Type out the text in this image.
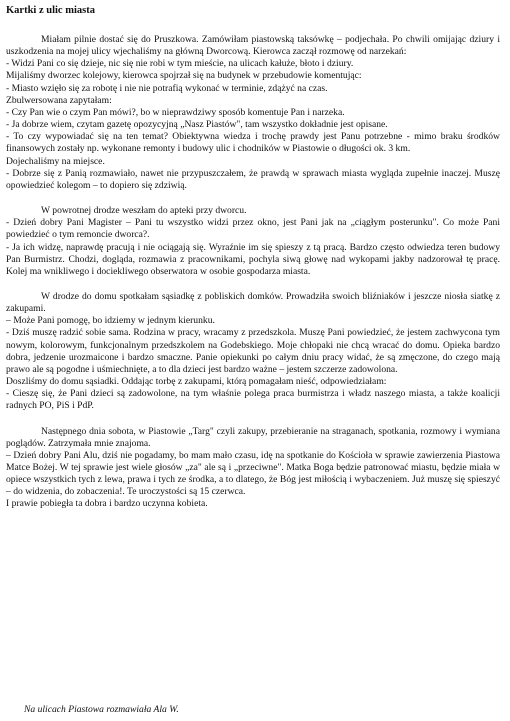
Kartki z ulic miasta

Miałam pilnie dostać się do Pruszkowa. Zamówiłam piastowską taksówkę – podjechała. Po chwili omijając dziury i uszkodzenia na mojej ulicy wjechaliśmy na główną Dworcową. Kierowca zaczął rozmowę od narzekań:

- Widzi Pani co się dzieje, nic się nie robi w tym mieście, na ulicach kałuże, błoto i dziury.

Mijaliśmy dworzec kolejowy, kierowca spojrzał się na budynek w przebudowie komentując:

- Miasto wzięło się za robotę i nie nie potrafią wykonać w terminie, zdążyć na czas.

Zbulwersowana zapytałam:

- Czy Pan wie o czym Pan mówi?, bo w nieprawdziwy sposób komentuje Pan i narzeka.

- Ja dobrze wiem, czytam gazetę opozycyjną „Nasz Piastów", tam wszystko dokładnie jest opisane.

- To czy wypowiadać się na ten temat? Obiektywna wiedza i trochę prawdy jest Panu potrzebne - mimo braku środków finansowych zostały np. wykonane remonty i budowy ulic i chodników w Piastowie o długości ok. 3 km.

Dojechaliśmy na miejsce.

- Dobrze się z Panią rozmawiało, nawet nie przypuszczałem, że prawdą w sprawach miasta wygląda zupełnie inaczej. Muszę opowiedzieć kolegom – to dopiero się zdziwią.

W powrotnej drodze weszłam do apteki przy dworcu.

- Dzień dobry Pani Magister – Pani tu wszystko widzi przez okno, jest Pani jak na „ciągłym posterunku". Co może Pani powiedzieć o tym remoncie dworca?.

- Ja ich widzę, naprawdę pracują i nie ociągają się. Wyraźnie im się spieszy z tą pracą. Bardzo często odwiedza teren budowy Pan Burmistrz. Chodzi, dogląda, rozmawia z pracownikami, pochyla siwą głowę nad wykopami jakby nadzorował tę pracę. Kolej ma wnikliwego i dociekliwego obserwatora w osobie gospodarza miasta.

W drodze do domu spotkałam sąsiadkę z pobliskich domków. Prowadziła swoich bliźniaków i jeszcze niosła siatkę z zakupami.

– Może Pani pomogę, bo idziemy w jednym kierunku.

- Dziś muszę radzić sobie sama. Rodzina w pracy, wracamy z przedszkola. Muszę Pani powiedzieć, że jestem zachwycona tym nowym, kolorowym, funkcjonalnym przedszkolem na Godebskiego. Moje chłopaki nie chcą wracać do domu. Opieka bardzo dobra, jedzenie urozmaicone i bardzo smaczne. Panie opiekunki po całym dniu pracy widać, że są zmęczone, do czego mają prawo ale są pogodne i uśmiechnięte, a to dla dzieci jest bardzo ważne – jestem szczerze zadowolona.

Doszliśmy do domu sąsiadki. Oddając torbę z zakupami, którą pomagałam nieść, odpowiedziałam:

- Cieszę się, że Pani dzieci są zadowolone, na tym właśnie polega praca burmistrza i władz naszego miasta, a także koalicji radnych PO, PiS i PdP.

Następnego dnia sobota, w Piastowie „Targ" czyli zakupy, przebieranie na straganach, spotkania, rozmowy i wymiana poglądów. Zatrzymała mnie znajoma.

– Dzień dobry Pani Alu, dziś nie pogadamy, bo mam mało czasu, idę na spotkanie do Kościoła w sprawie zawierzenia Piastowa Matce Bożej. W tej sprawie jest wiele głosów „za" ale są i „przeciwne". Matka Boga będzie patronować miastu, będzie miała w opiece wszystkich tych z lewa, prawa i tych ze środka, a to dlatego, że Bóg jest miłością i wybaczeniem. Już muszę się spieszyć – do widzenia, do zobaczenia!. Te uroczystości są 15 czerwca.

I prawie pobiegła ta dobra i bardzo uczynna kobieta.

Na ulicach Piastowa rozmawiała Ala W.
